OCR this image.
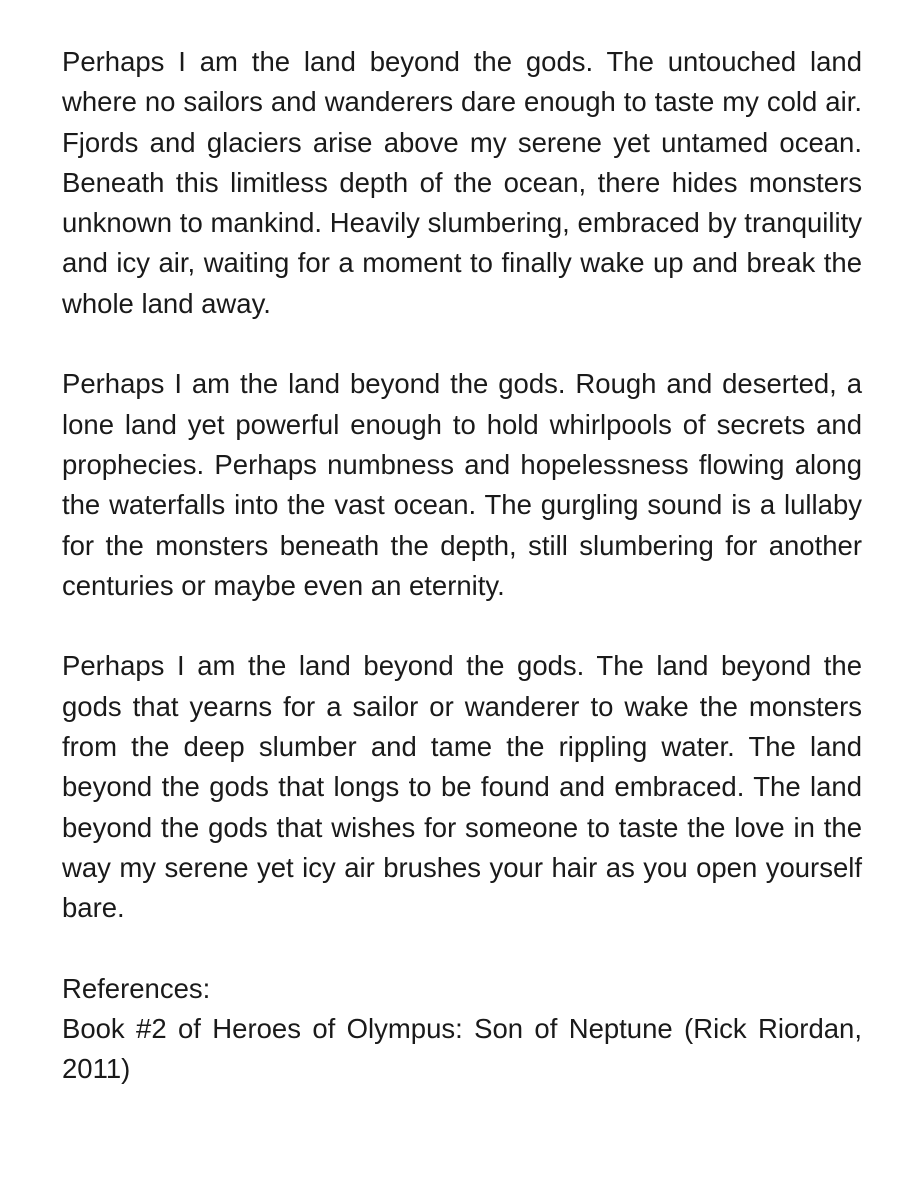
Perhaps I am the land beyond the gods. The untouched land where no sailors and wanderers dare enough to taste my cold air. Fjords and glaciers arise above my serene yet untamed ocean. Beneath this limitless depth of the ocean, there hides monsters unknown to mankind. Heavily slumbering, embraced by tranquility and icy air, waiting for a moment to finally wake up and break the whole land away.

Perhaps I am the land beyond the gods. Rough and deserted, a lone land yet powerful enough to hold whirlpools of secrets and prophecies. Perhaps numbness and hopelessness flowing along the waterfalls into the vast ocean. The gurgling sound is a lullaby for the monsters beneath the depth, still slumbering for another centuries or maybe even an eternity.

Perhaps I am the land beyond the gods. The land beyond the gods that yearns for a sailor or wanderer to wake the monsters from the deep slumber and tame the rippling water. The land beyond the gods that longs to be found and embraced. The land beyond the gods that wishes for someone to taste the love in the way my serene yet icy air brushes your hair as you open yourself bare.

References:
Book #2 of Heroes of Olympus: Son of Neptune (Rick Riordan, 2011)
